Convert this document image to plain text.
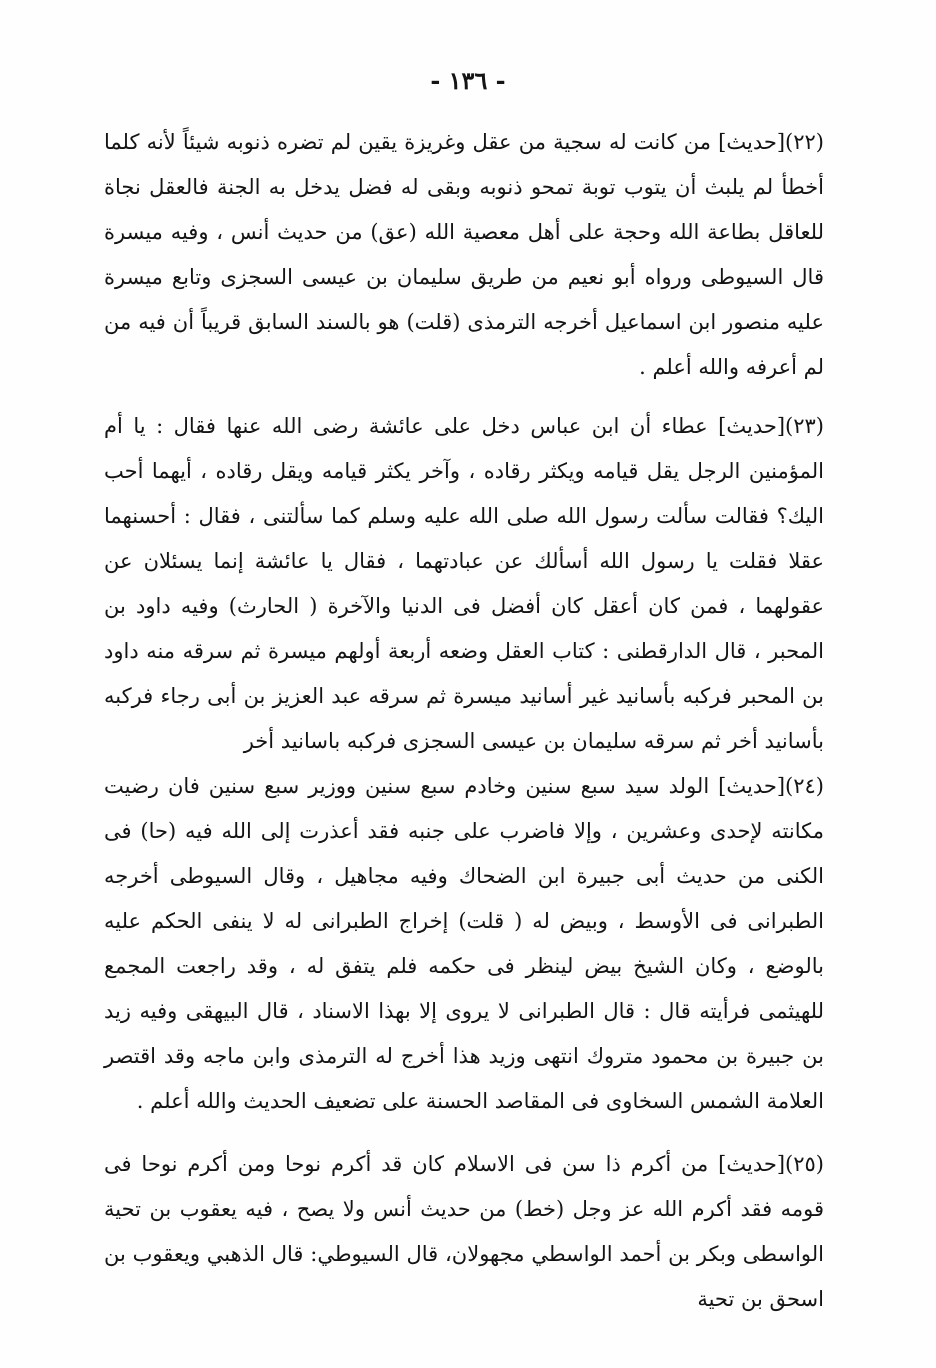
- ١٣٦ -

(٢٢)[حديث] من كانت له سجية من عقل وغريزة يقين لم تضره ذنوبه شيئاً لأنه كلما أخطأ لم يلبث أن يتوب توبة تمحو ذنوبه وبقى له فضل يدخل به الجنة فالعقل نجاة للعاقل بطاعة الله وحجة على أهل معصية الله (عق) من حديث أنس ، وفيه ميسرة قال السيوطى ورواه أبو نعيم من طريق سليمان بن عيسى السجزى وتابع ميسرة عليه منصور ابن اسماعيل أخرجه الترمذى (قلت) هو بالسند السابق قريباً أن فيه من لم أعرفه والله أعلم .

(٢٣)[حديث] عطاء أن ابن عباس دخل على عائشة رضى الله عنها فقال : يا أم المؤمنين الرجل يقل قيامه ويكثر رقاده ، وآخر يكثر قيامه ويقل رقاده ، أيهما أحب اليك؟ فقالت سألت رسول الله صلى الله عليه وسلم كما سألتنى ، فقال : أحسنهما عقلا فقلت يا رسول الله أسألك عن عبادتهما ، فقال يا عائشة إنما يسئلان عن عقولهما ، فمن كان أعقل كان أفضل فى الدنيا والآخرة ( الحارث) وفيه داود بن المحبر ، قال الدارقطنى : كتاب العقل وضعه أربعة أولهم ميسرة ثم سرقه منه داود بن المحبر فركبه بأسانيد غير أسانيد ميسرة ثم سرقه عبد العزيز بن أبى رجاء فركبه بأسانيد أخر ثم سرقه سليمان بن عيسى السجزى فركبه باسانيد أخر

(٢٤)[حديث] الولد سيد سبع سنين وخادم سبع سنين ووزير سبع سنين فان رضيت مكانته لإحدى وعشرين ، وإلا فاضرب على جنبه فقد أعذرت إلى الله فيه (حا) فى الكنى من حديث أبى جبيرة ابن الضحاك وفيه مجاهيل ، وقال السيوطى أخرجه الطبرانى فى الأوسط ، وبيض له ( قلت) إخراج الطبرانى له لا ينفى الحكم عليه بالوضع ، وكان الشيخ بيض لينظر فى حكمه فلم يتفق له ، وقد راجعت المجمع للهيثمى فرأيته قال : قال الطبرانى لا يروى إلا بهذا الاسناد ، قال البيهقى وفيه زيد بن جبيرة بن محمود متروك انتهى وزيد هذا أخرج له الترمذى وابن ماجه وقد اقتصر العلامة الشمس السخاوى فى المقاصد الحسنة على تضعيف الحديث والله أعلم .

(٢٥)[حديث] من أكرم ذا سن فى الاسلام كان قد أكرم نوحا ومن أكرم نوحا فى قومه فقد أكرم الله عز وجل (خط) من حديث أنس ولا يصح ، فيه يعقوب بن تحية الواسطى وبكر بن أحمد الواسطي مجهولان، قال السيوطي: قال الذهبي ويعقوب بن اسحق بن تحية
